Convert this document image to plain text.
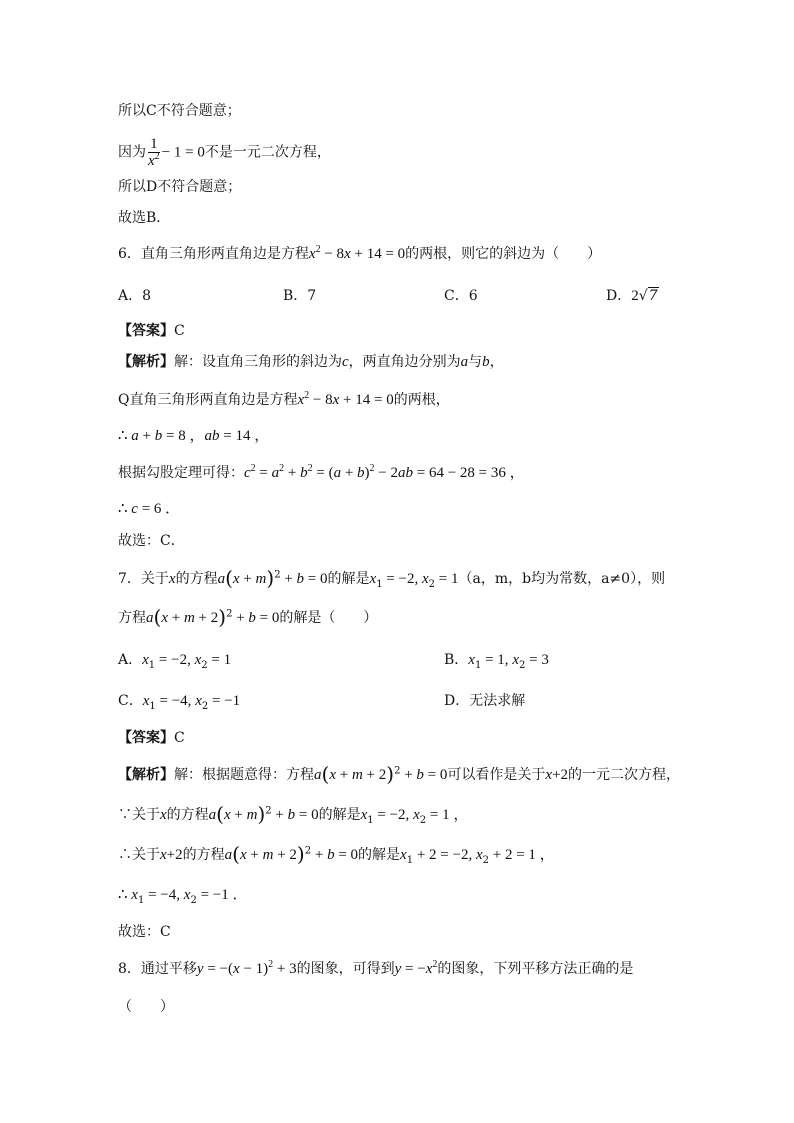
所以C不符合题意；
因为 $\frac{1}{x^2} - 1 = 0$不是一元二次方程，
所以D不符合题意；
故选B．
6．直角三角形两直角边是方程$x^2 - 8x + 14 = 0$的两根，则它的斜边为（　　）
A．8	B．7	C．6	D．2√7
【答案】C
【解析】解：设直角三角形的斜边为c，两直角边分别为a与b，
Q直角三角形两直角边是方程$x^2 - 8x + 14 = 0$的两根，
∴ a + b = 8 ，ab = 14 ，
根据勾股定理可得：$c^2 = a^2 + b^2 = (a + b)^2 - 2ab = 64 - 28 = 36$ ，
∴ c = 6 ．
故选：C．
7．关于x的方程$a(x + m)^2 + b = 0$的解是$x_1 = -2$, $x_2 = 1(a$，m，b均为常数，a≠0），则
方程$a(x + m + 2)^2 + b = 0$的解是（　　）
A．$x_1 = -2$, $x_2 = 1$	B．$x_1 = 1$, $x_2 = 3$
C．$x_1 = -4$, $x_2 = -1$	D．无法求解
【答案】C
【解析】解：根据题意得：方程$a(x + m + 2)^2 + b = 0$可以看作是关于x+2的一元二次方程，
∵关于x的方程$a(x + m)^2 + b = 0$的解是$x_1 = -2$, $x_2 = 1$ ，
∴关于x+2的方程$a(x + m + 2)^2 + b = 0$的解是$x_1 + 2 = -2$, $x_2 + 2 = 1$ ，
∴ $x_1 = -4$, $x_2 = -1$ ．
故选：C
8．通过平移$y = -(x - 1)^2 + 3$的图象，可得到$y = -x^2$的图象，下列平移方法正确的是
（　　）
